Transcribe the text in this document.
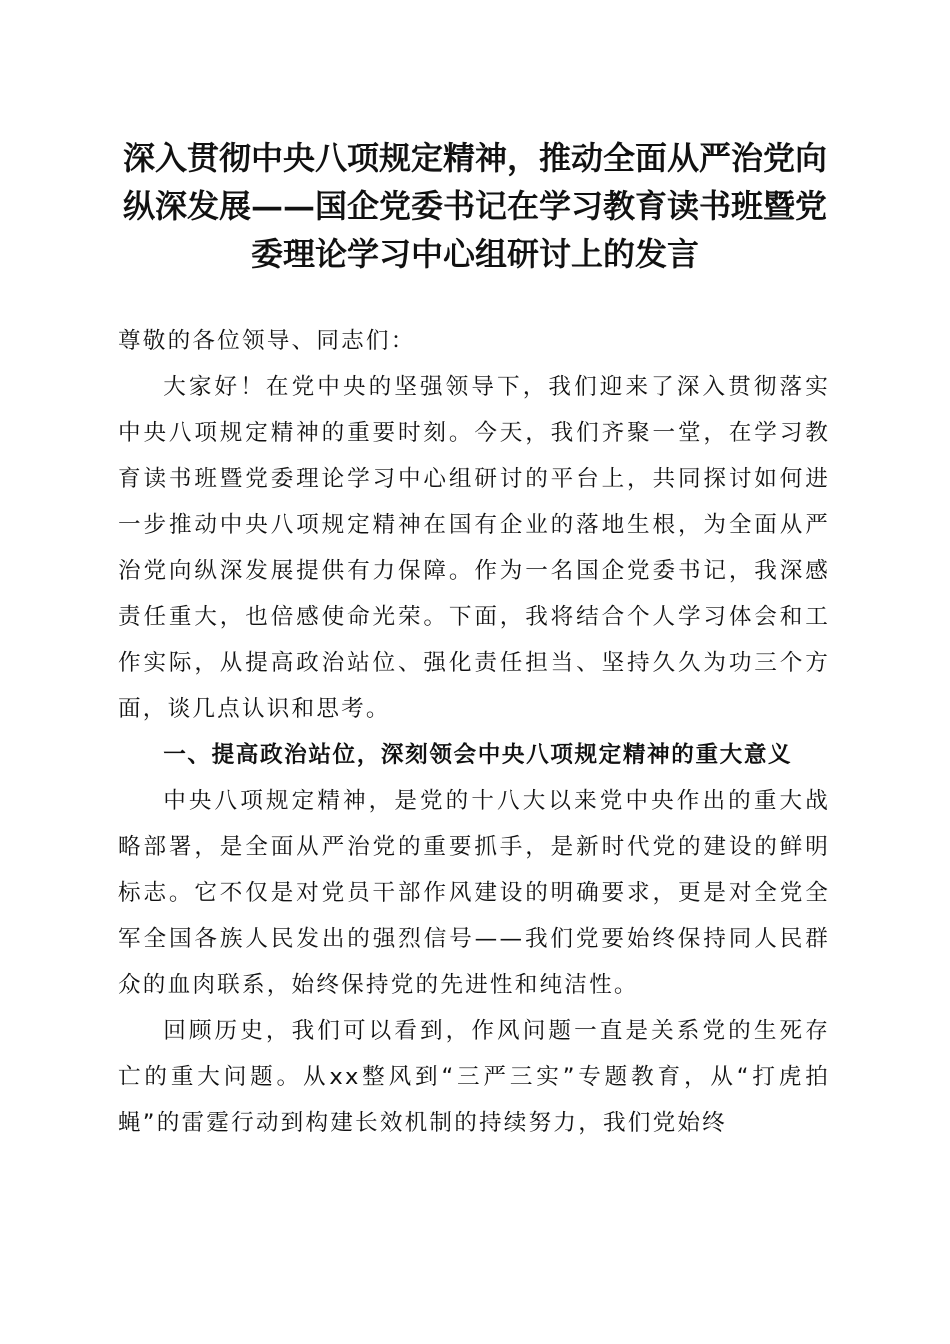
深入贯彻中央八项规定精神，推动全面从严治党向纵深发展——国企党委书记在学习教育读书班暨党委理论学习中心组研讨上的发言

尊敬的各位领导、同志们：

大家好！在党中央的坚强领导下，我们迎来了深入贯彻落实中央八项规定精神的重要时刻。今天，我们齐聚一堂，在学习教育读书班暨党委理论学习中心组研讨的平台上，共同探讨如何进一步推动中央八项规定精神在国有企业的落地生根，为全面从严治党向纵深发展提供有力保障。作为一名国企党委书记，我深感责任重大，也倍感使命光荣。下面，我将结合个人学习体会和工作实际，从提高政治站位、强化责任担当、坚持久久为功三个方面，谈几点认识和思考。

一、提高政治站位，深刻领会中央八项规定精神的重大意义

中央八项规定精神，是党的十八大以来党中央作出的重大战略部署，是全面从严治党的重要抓手，是新时代党的建设的鲜明标志。它不仅是对党员干部作风建设的明确要求，更是对全党全军全国各族人民发出的强烈信号——我们党要始终保持同人民群众的血肉联系，始终保持党的先进性和纯洁性。

回顾历史，我们可以看到，作风问题一直是关系党的生死存亡的重大问题。从xx整风到“三严三实”专题教育，从“打虎拍蝇”的雷霆行动到构建长效机制的持续努力，我们党始终
